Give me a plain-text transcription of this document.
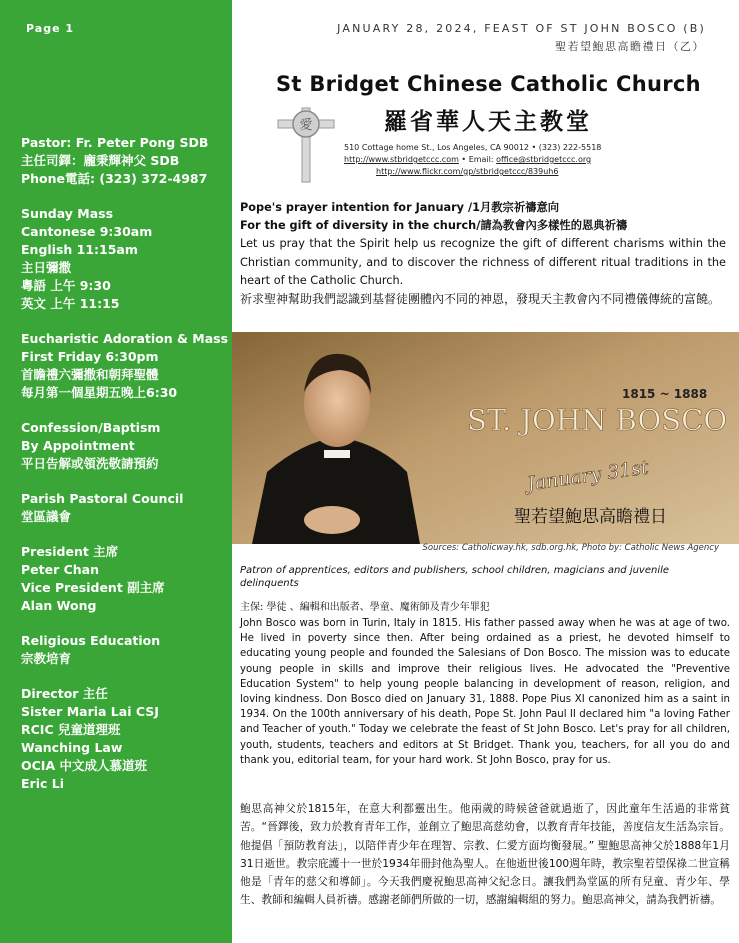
Page 1
Pastor: Fr. Peter Pong SDB
主任司鐸：龐秉輝神父 SDB
Phone電話: (323) 372-4987
Sunday Mass
Cantonese 9:30am
English 11:15am
主日彌撒
粵語 上午 9:30
英文 上午 11:15
Eucharistic Adoration & Mass
First Friday 6:30pm
首瞻禮六彌撒和朝拜聖體
每月第一個星期五晚上6:30
Confession/Baptism
By Appointment
平日告解或領洗敬請預約
Parish Pastoral Council
堂區議會
President 主席
Peter Chan
Vice President 副主席
Alan Wong
Religious Education
宗教培育
Director 主任
Sister Maria Lai CSJ
RCIC 兒童道理班
Wanching Law
OCIA 中文成人慕道班
Eric Li
JANUARY 28, 2024, FEAST OF ST JOHN BOSCO (B)
聖若望鮑思高瞻禮日（乙）
St Bridget Chinese Catholic Church
愛	羅省華人天主教堂
510 Cottage home St., Los Angeles, CA 90012 • (323) 222-5518
http://www.stbridgetccc.com • Email: office@stbridgetccc.org
http://www.flickr.com/gp/stbridgetccc/839uh6
Pope's prayer intention for January /1月教宗祈禱意向
For the gift of diversity in the church/請為教會內多樣性的恩典祈禱
Let us pray that the Spirit help us recognize the gift of different charisms within the Christian community, and to discover the richness of different ritual traditions in the heart of the Catholic Church.
祈求聖神幫助我們認識到基督徒團體內不同的神恩，發現天主教會內不同禮儀傳統的富饒。
1815 ~ 1888
ST. JOHN BOSCO
January 31st
聖若望鮑思高瞻禮日
Sources: Catholicway.hk, sdb.org.hk, Photo by: Catholic News Agency
Patron of apprentices, editors and publishers, school children, magicians and juvenile delinquents
主保: 學徒 、編輯和出版者、學童、魔術師及青少年罪犯
John Bosco was born in Turin, Italy in 1815. His father passed away when he was at age of two. He lived in poverty since then. After being ordained as a priest, he devoted himself to educating young people and founded the Salesians of Don Bosco. The mission was to educate young people in skills and improve their religious lives. He advocated the "Preventive Education System" to help young people balancing in development of reason, religion, and loving kindness. Don Bosco died on January 31, 1888. Pope Pius XI canonized him as a saint in 1934. On the 100th anniversary of his death, Pope St. John Paul II declared him "a loving Father and Teacher of youth." Today we celebrate the feast of St John Bosco. Let's pray for all children, youth, students, teachers and editors at St Bridget. Thank you, teachers, for all you do and thank you, editorial team, for your hard work. St John Bosco, pray for us.
鮑思高神父於1815年，在意大利都靈出生。他兩歲的時候爸爸就過逝了，因此童年生活過的非常貧苦。“晉鐸後，致力於教育青年工作，並創立了鮑思高慈幼會，以教育青年技能，善度信友生活為宗旨。他提倡「預防教育法」，以陪伴青少年在理智、宗教、仁愛方面均衡發展。” 聖鮑思高神父於1888年1月31日逝世。教宗庇護十一世於1934年冊封他為聖人。在他逝世後100週年時，教宗聖若望保祿二世宣稱他是「青年的慈父和導師」。今天我們慶祝鮑思高神父紀念日。讓我們為堂區的所有兒童、青少年、學生、教師和編輯人員祈禱。感謝老師們所做的一切，感謝編輯組的努力。鮑思高神父，請為我們祈禱。
